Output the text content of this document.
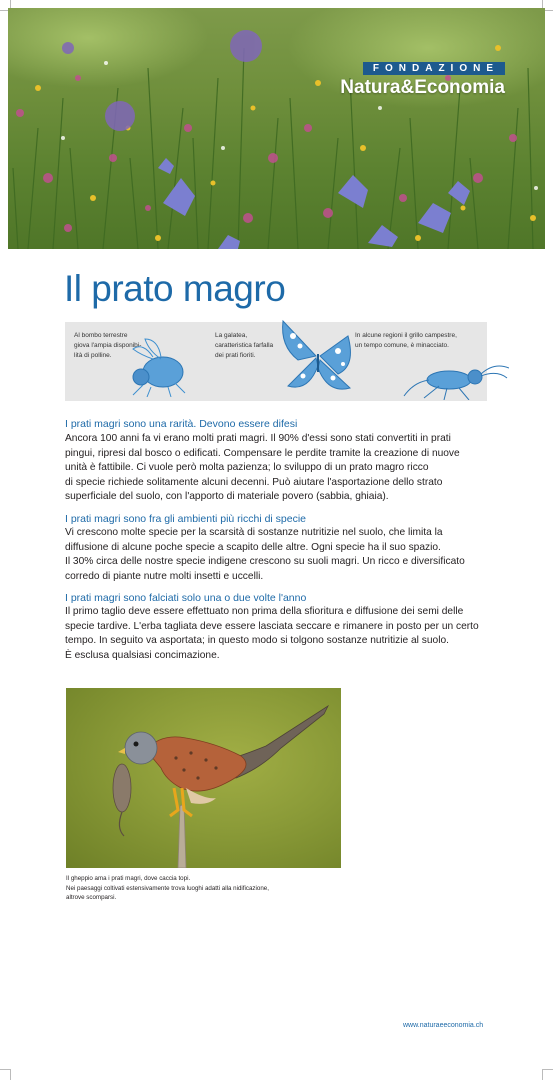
FONDAZIONE
Natura&Economia
Il prato magro
Al bombo terrestre
giova l'ampia disponibi-
lità di polline.
La galatea,
caratteristica farfalla
dei prati fioriti.
In alcune regioni il grillo campestre,
un tempo comune, è minacciato.
I prati magri sono una rarità. Devono essere difesi

Ancora 100 anni fa vi erano molti prati magri. Il 90% d'essi sono stati convertiti in prati
pingui, ripresi dal bosco o edificati. Compensare le perdite tramite la creazione di nuove
unità è fattibile. Ci vuole però molta pazienza; lo sviluppo di un prato magro ricco
di specie richiede solitamente alcuni decenni. Può aiutare l'asportazione dello strato
superficiale del suolo, con l'apporto di materiale povero (sabbia, ghiaia).

I prati magri sono fra gli ambienti più ricchi di specie

Vi crescono molte specie per la scarsità di sostanze nutritizie nel suolo, che limita la
diffusione di alcune poche specie a scapito delle altre. Ogni specie ha il suo spazio.
Il 30% circa delle nostre specie indigene crescono su suoli magri. Un ricco e diversificato
corredo di piante nutre molti insetti e uccelli.

I prati magri sono falciati solo una o due volte l'anno

Il primo taglio deve essere effettuato non prima della sfioritura e diffusione dei semi delle
specie tardive. L'erba tagliata deve essere lasciata seccare e rimanere in posto per un certo
tempo. In seguito va asportata; in questo modo si tolgono sostanze nutritizie al suolo.
È esclusa qualsiasi concimazione.

Il gheppio ama i prati magri, dove caccia topi.
Nei paesaggi coltivati estensivamente trova luoghi adatti alla nidificazione,
altrove scomparsi.
www.naturaeeconomia.ch
